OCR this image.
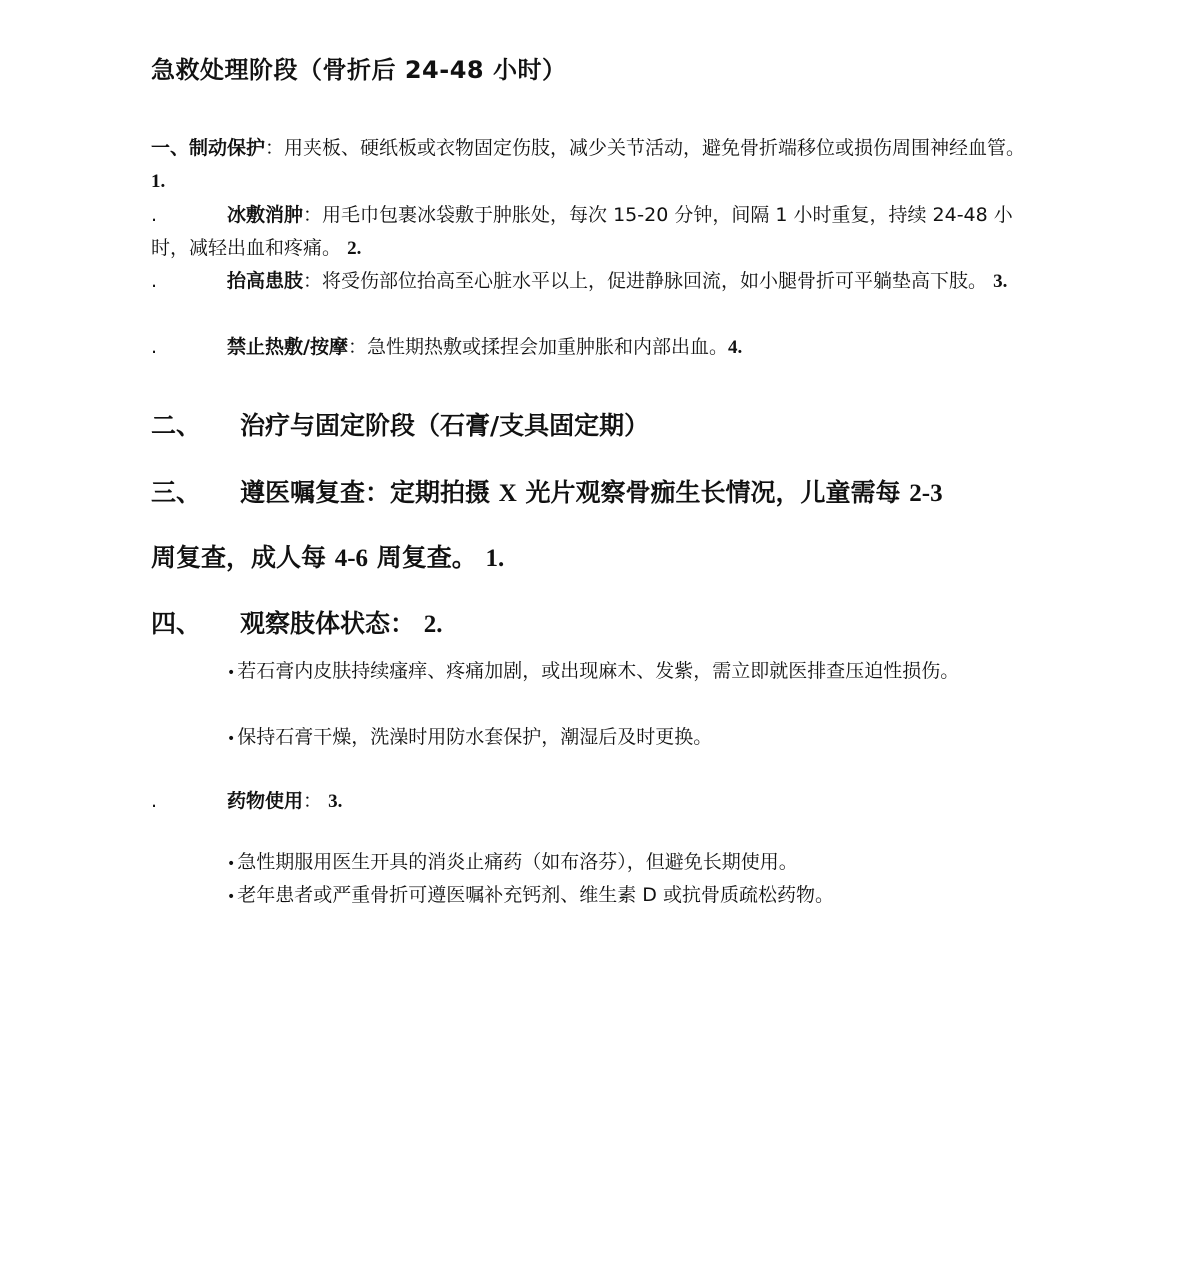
急救处理阶段（骨折后 24-48 小时）

一、制动保护：用夹板、硬纸板或衣物固定伤肢，减少关节活动，避免骨折端移位或损伤周围神经血管。 1.

.	冰敷消肿：用毛巾包裹冰袋敷于肿胀处，每次 15-20 分钟，间隔 1 小时重复，持续 24-48 小时，减轻出血和疼痛。 2.

.	抬高患肢：将受伤部位抬高至心脏水平以上，促进静脉回流，如小腿骨折可平躺垫高下肢。 3.

.	禁止热敷/按摩：急性期热敷或揉捏会加重肿胀和内部出血。4.

二、 治疗与固定阶段（石膏/支具固定期）
三、 遵医嘱复查：定期拍摄 X 光片观察骨痂生长情况，儿童需每 2-3
周复查，成人每 4-6 周复查。 1.
四、 观察肢体状态： 2.

• 若石膏内皮肤持续瘙痒、疼痛加剧，或出现麻木、发紫，需立即就医排查压迫性损伤。

• 保持石膏干燥，洗澡时用防水套保护，潮湿后及时更换。

.	药物使用： 3.

• 急性期服用医生开具的消炎止痛药（如布洛芬），但避免长期使用。

• 老年患者或严重骨折可遵医嘱补充钙剂、维生素 D 或抗骨质疏松药物。
